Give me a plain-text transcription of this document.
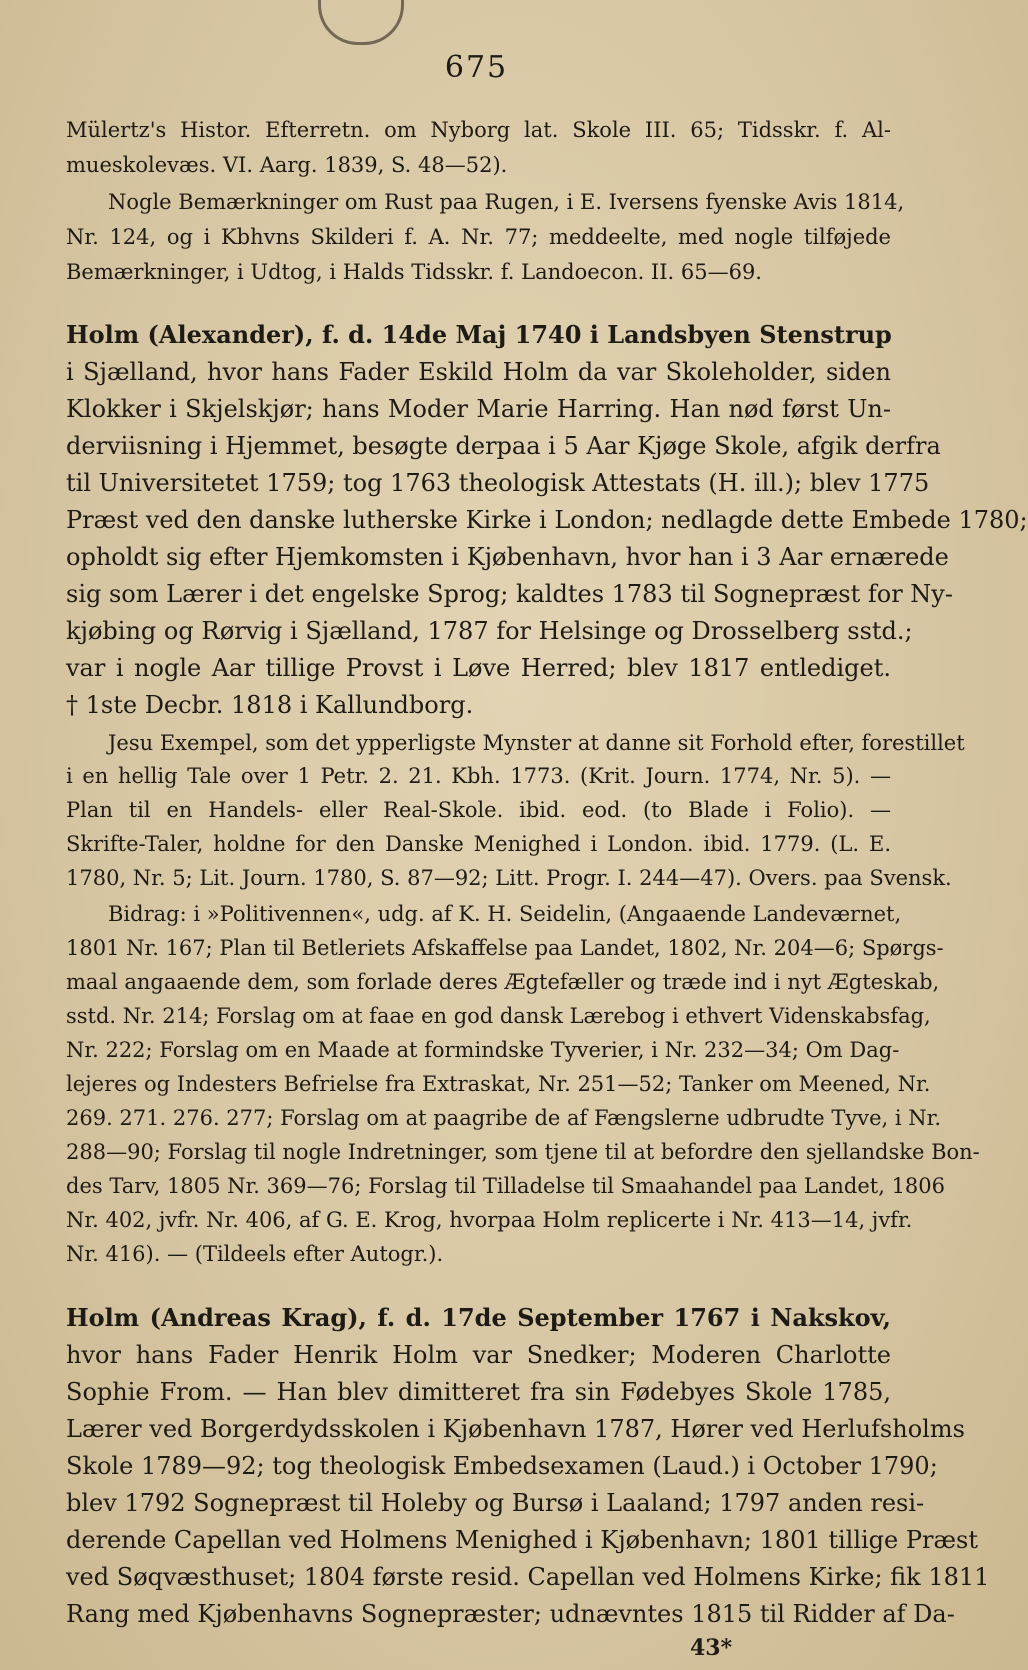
675
Mülertz's Histor. Efterretn. om Nyborg lat. Skole III. 65; Tidsskr. f. Al-
mueskolevæs. VI. Aarg. 1839, S. 48—52).
Nogle Bemærkninger om Rust paa Rugen, i E. Iversens fyenske Avis 1814,
Nr. 124, og i Kbhvns Skilderi f. A. Nr. 77; meddeelte, med nogle tilføjede
Bemærkninger, i Udtog, i Halds Tidsskr. f. Landoecon. II. 65—69.
Holm (Alexander), f. d. 14de Maj 1740 i Landsbyen Stenstrup
i Sjælland, hvor hans Fader Eskild Holm da var Skoleholder, siden
Klokker i Skjelskjør; hans Moder Marie Harring. Han nød først Un-
derviisning i Hjemmet, besøgte derpaa i 5 Aar Kjøge Skole, afgik derfra
til Universitetet 1759; tog 1763 theologisk Attestats (H. ill.); blev 1775
Præst ved den danske lutherske Kirke i London; nedlagde dette Embede 1780;
opholdt sig efter Hjemkomsten i Kjøbenhavn, hvor han i 3 Aar ernærede
sig som Lærer i det engelske Sprog; kaldtes 1783 til Sognepræst for Ny-
kjøbing og Rørvig i Sjælland, 1787 for Helsinge og Drosselberg sstd.;
var i nogle Aar tillige Provst i Løve Herred; blev 1817 entlediget.
† 1ste Decbr. 1818 i Kallundborg.
Jesu Exempel, som det ypperligste Mynster at danne sit Forhold efter, forestillet
i en hellig Tale over 1 Petr. 2. 21. Kbh. 1773. (Krit. Journ. 1774, Nr. 5). —
Plan til en Handels- eller Real-Skole. ibid. eod. (to Blade i Folio). —
Skrifte-Taler, holdne for den Danske Menighed i London. ibid. 1779. (L. E.
1780, Nr. 5; Lit. Journ. 1780, S. 87—92; Litt. Progr. I. 244—47). Overs. paa Svensk.
Bidrag: i »Politivennen«, udg. af K. H. Seidelin, (Angaaende Landeværnet,
1801 Nr. 167; Plan til Betleriets Afskaffelse paa Landet, 1802, Nr. 204—6; Spørgs-
maal angaaende dem, som forlade deres Ægtefæller og træde ind i nyt Ægteskab,
sstd. Nr. 214; Forslag om at faae en god dansk Lærebog i ethvert Videnskabsfag,
Nr. 222; Forslag om en Maade at formindske Tyverier, i Nr. 232—34; Om Dag-
lejeres og Indesters Befrielse fra Extraskat, Nr. 251—52; Tanker om Meened, Nr.
269. 271. 276. 277; Forslag om at paagribe de af Fængslerne udbrudte Tyve, i Nr.
288—90; Forslag til nogle Indretninger, som tjene til at befordre den sjellandske Bon-
des Tarv, 1805 Nr. 369—76; Forslag til Tilladelse til Smaahandel paa Landet, 1806
Nr. 402, jvfr. Nr. 406, af G. E. Krog, hvorpaa Holm replicerte i Nr. 413—14, jvfr.
Nr. 416). — (Tildeels efter Autogr.).
Holm (Andreas Krag), f. d. 17de September 1767 i Nakskov,
hvor hans Fader Henrik Holm var Snedker; Moderen Charlotte
Sophie From. — Han blev dimitteret fra sin Fødebyes Skole 1785,
Lærer ved Borgerdydsskolen i Kjøbenhavn 1787, Hører ved Herlufsholms
Skole 1789—92; tog theologisk Embedsexamen (Laud.) i October 1790;
blev 1792 Sognepræst til Holeby og Bursø i Laaland; 1797 anden resi-
derende Capellan ved Holmens Menighed i Kjøbenhavn; 1801 tillige Præst
ved Søqvæsthuset; 1804 første resid. Capellan ved Holmens Kirke; fik 1811
Rang med Kjøbenhavns Sognepræster; udnævntes 1815 til Ridder af Da-
43*
